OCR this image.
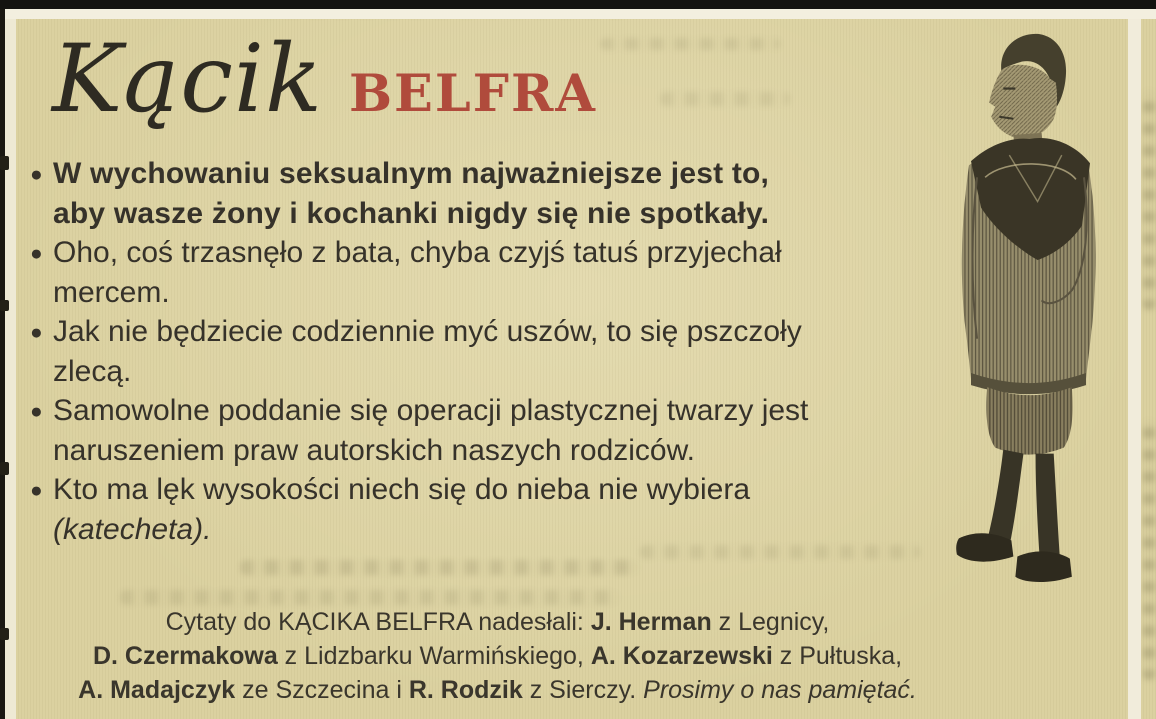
Kącik BELFRA
● W wychowaniu seksualnym najważniejsze jest to,
aby wasze żony i kochanki nigdy się nie spotkały.
● Oho, coś trzasnęło z bata, chyba czyjś tatuś przyjechał
mercem.
● Jak nie będziecie codziennie myć uszów, to się pszczoły
zlecą.
● Samowolne poddanie się operacji plastycznej twarzy jest
naruszeniem praw autorskich naszych rodziców.
● Kto ma lęk wysokości niech się do nieba nie wybiera
(katecheta).
Cytaty do KĄCIKA BELFRA nadesłali: J. Herman z Legnicy,
D. Czermakowa z Lidzbarku Warmińskiego, A. Kozarzewski z Pułtuska,
A. Madajczyk ze Szczecina i R. Rodzik z Sierczy. Prosimy o nas pamiętać.
